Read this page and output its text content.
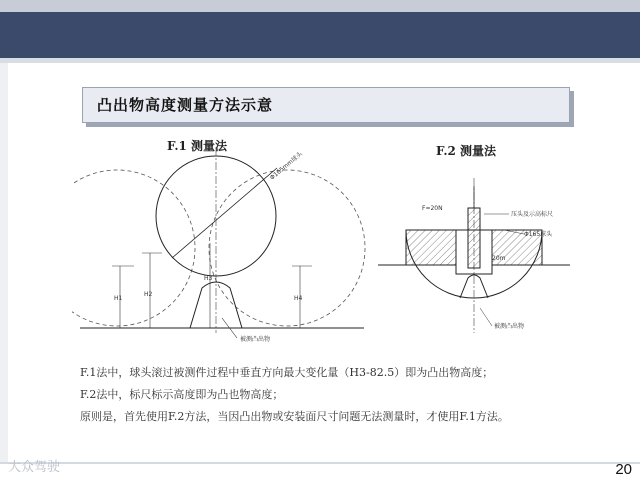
凸出物高度测量方法示意
F.1 测量法
Φ165mm球头
H1
H2
H3
H4
被测凸出物
F.2 测量法
F=20N
压头及示高标尺
Φ165球头
20m
被测凸出物
F.1法中，球头滚过被测件过程中垂直方向最大变化量（H3-82.5）即为凸出物高度；
F.2法中，标尺标示高度即为凸也物高度；
原则是，首先使用F.2方法，当因凸出物或安装面尺寸问题无法测量时，才使用F.1方法。
大众驾驶	20
